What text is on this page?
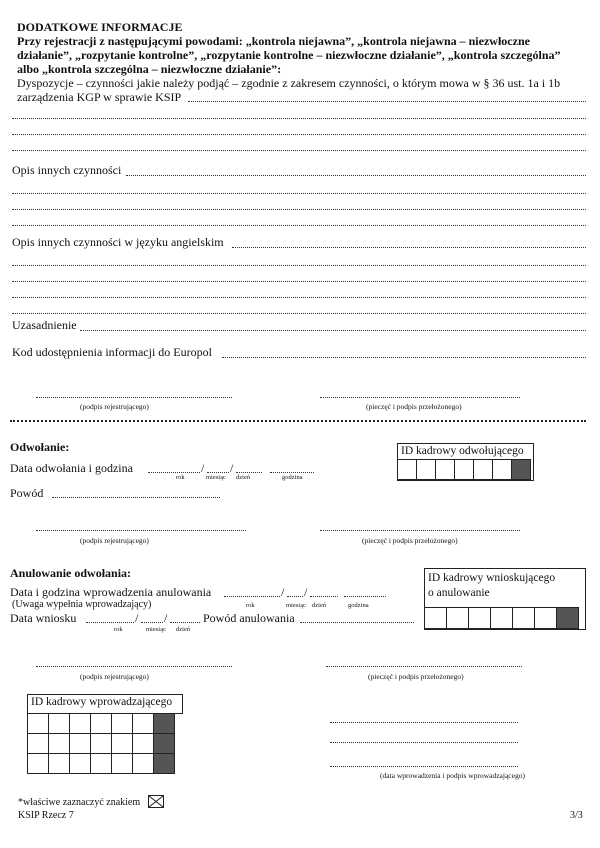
DODATKOWE INFORMACJE
Przy rejestracji z następującymi powodami: „kontrola niejawna”, „kontrola niejawna – niezwłoczne
działanie”, „rozpytanie kontrolne”, „rozpytanie kontrolne – niezwłoczne działanie”, „kontrola szczególna”
albo „kontrola szczególna – niezwłoczne działanie”:
Dyspozycje – czynności jakie należy podjąć – zgodnie z zakresem czynności, o którym mowa w § 36 ust. 1a i 1b
zarządzenia KGP w sprawie KSIP
Opis innych czynności
Opis innych czynności w języku angielskim
Uzasadnienie
Kod udostępnienia informacji do Europol
(podpis rejestrującego)	(pieczęć i podpis przełożonego)
Odwołanie:
Data odwołania i godzina	/ /
rok	miesiąc dzień	godzina
Powód
ID kadrowy odwołującego

(podpis rejestrującego)	(pieczęć i podpis przełożonego)
Anulowanie odwołania:
Data i godzina wprowadzenia anulowania	/ /
(Uwaga wypełnia wprowadzający)	rok	miesiąc dzień	godzina
Data wniosku	/ /	Powód anulowania
rok	miesiąc dzień
ID kadrowy wnioskującego
o anulowanie

(podpis rejestrującego)	(pieczęć i podpis przełożonego)
ID kadrowy wprowadzającego

(data wprowadzenia i podpis wprowadzającego)
*właściwe zaznaczyć znakiem
KSIP Rzecz 7	3/3
